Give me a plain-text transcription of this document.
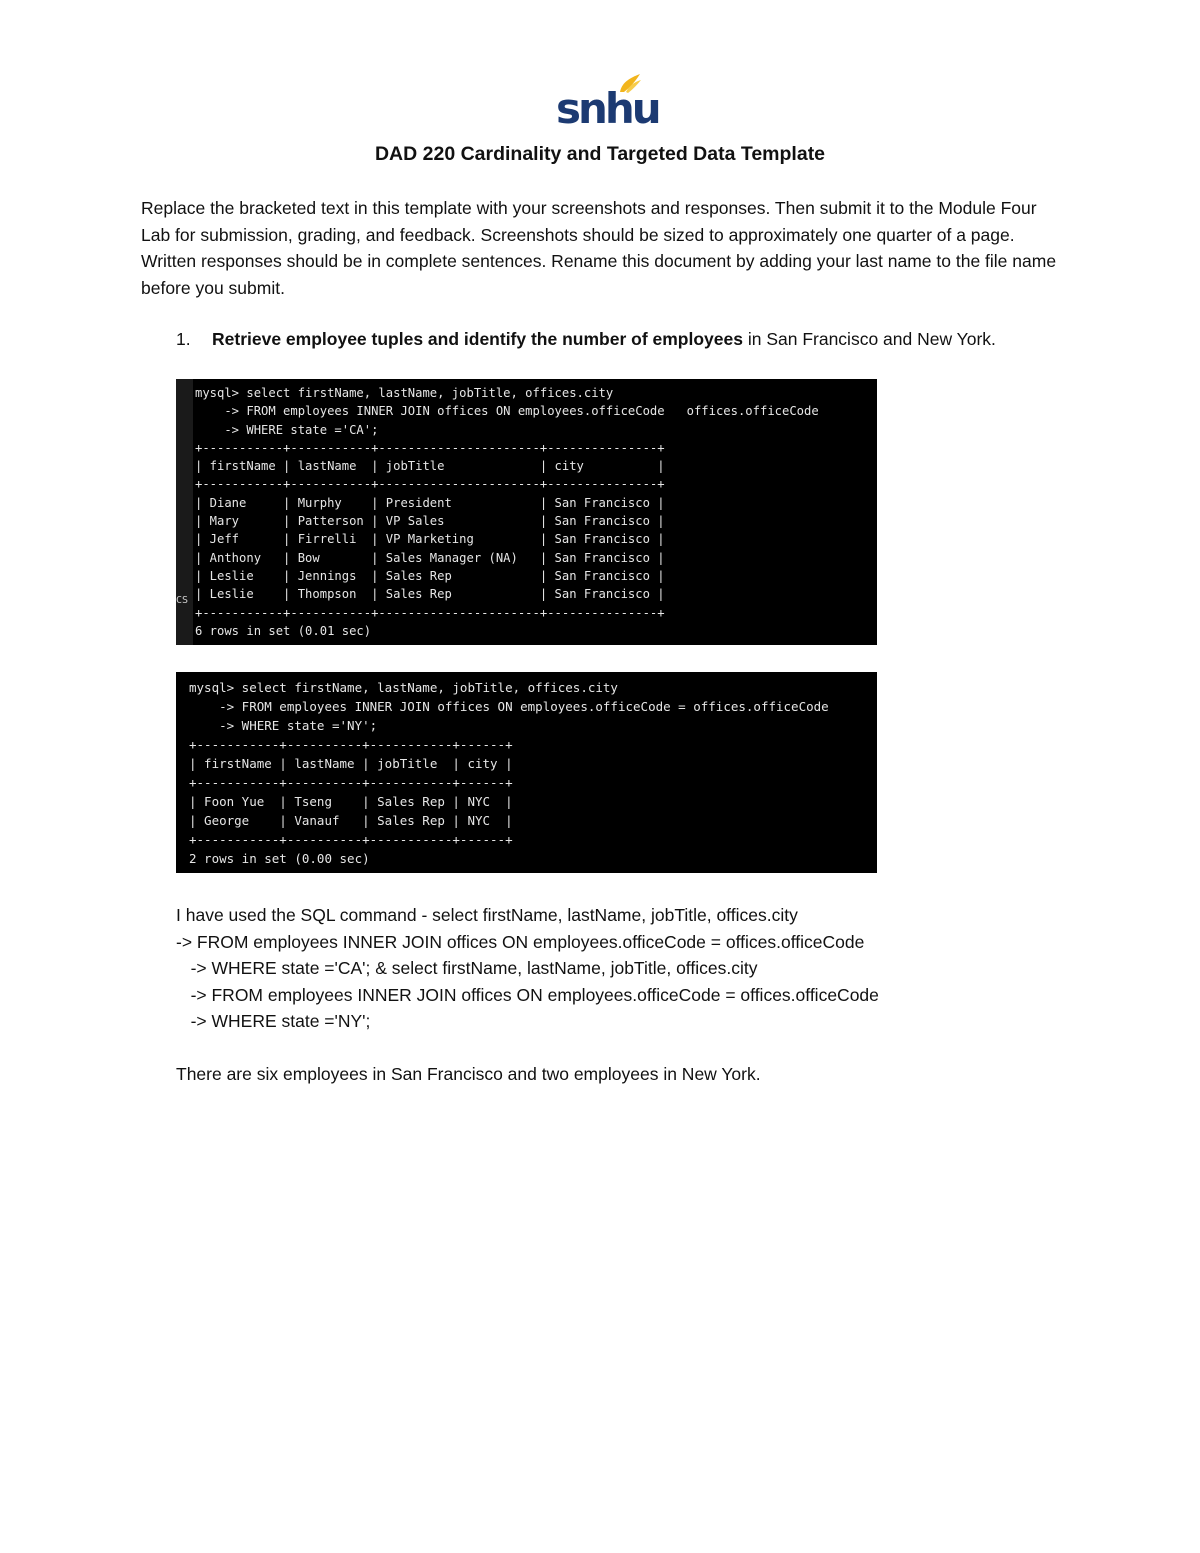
snhu
DAD 220 Cardinality and Targeted Data Template

Replace the bracketed text in this template with your screenshots and responses. Then submit it to the Module Four Lab for submission, grading, and feedback. Screenshots should be sized to approximately one quarter of a page. Written responses should be in complete sentences. Rename this document by adding your last name to the file name before you submit.

1. Retrieve employee tuples and identify the number of employees in San Francisco and New York.
mysql> select firstName, lastName, jobTitle, offices.city
-> FROM employees INNER JOIN offices ON employees.officeCode   offices.officeCode
-> WHERE state ='CA';
+-----------+-----------+----------------------+---------------+
| firstName | lastName  | jobTitle             | city          |
+-----------+-----------+----------------------+---------------+
| Diane     | Murphy    | President            | San Francisco |
| Mary      | Patterson | VP Sales             | San Francisco |
| Jeff      | Firrelli  | VP Marketing         | San Francisco |
| Anthony   | Bow       | Sales Manager (NA)   | San Francisco |
| Leslie    | Jennings  | Sales Rep            | San Francisco |
| Leslie    | Thompson  | Sales Rep            | San Francisco |
+-----------+-----------+----------------------+---------------+
6 rows in set (0.01 sec)
CS
mysql> select firstName, lastName, jobTitle, offices.city
-> FROM employees INNER JOIN offices ON employees.officeCode = offices.officeCode
-> WHERE state ='NY';
+-----------+----------+-----------+------+
| firstName | lastName | jobTitle  | city |
+-----------+----------+-----------+------+
| Foon Yue  | Tseng    | Sales Rep | NYC  |
| George    | Vanauf   | Sales Rep | NYC  |
+-----------+----------+-----------+------+
2 rows in set (0.00 sec)
I have used the SQL command - select firstName, lastName, jobTitle, offices.city
-> FROM employees INNER JOIN offices ON employees.officeCode = offices.officeCode
-> WHERE state ='CA'; & select firstName, lastName, jobTitle, offices.city
-> FROM employees INNER JOIN offices ON employees.officeCode = offices.officeCode
-> WHERE state ='NY';
There are six employees in San Francisco and two employees in New York.
